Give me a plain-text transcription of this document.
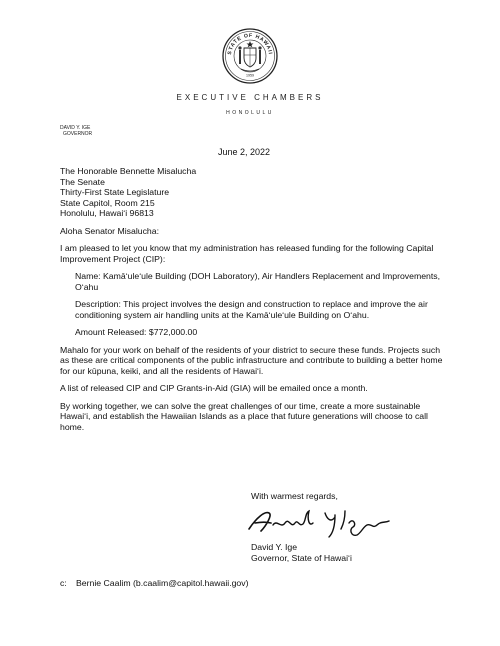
STATE OF HAWAII
1959
EXECUTIVE CHAMBERS
HONOLULU
DAVID Y. IGE
GOVERNOR
June 2, 2022

The Honorable Bennette Misalucha

The Senate

Thirty-First State Legislature

State Capitol, Room 215

Honolulu, Hawaiʻi 96813

Aloha Senator Misalucha:

I am pleased to let you know that my administration has released funding for the following Capital Improvement Project (CIP):

Name: Kamāʻuleʻule Building (DOH Laboratory), Air Handlers Replacement and Improvements, Oʻahu

Description: This project involves the design and construction to replace and improve the air conditioning system air handling units at the Kamāʻuleʻule Building on Oʻahu.

Amount Released: $772,000.00

Mahalo for your work on behalf of the residents of your district to secure these funds. Projects such as these are critical components of the public infrastructure and contribute to building a better home for our kūpuna, keiki, and all the residents of Hawaiʻi.

A list of released CIP and CIP Grants-in-Aid (GIA) will be emailed once a month.

By working together, we can solve the great challenges of our time, create a more sustainable Hawaiʻi, and establish the Hawaiian Islands as a place that future generations will choose to call home.

With warmest regards,
David Y. Ige
Governor, State of Hawaiʻi
c: Bernie Caalim (b.caalim@capitol.hawaii.gov)
